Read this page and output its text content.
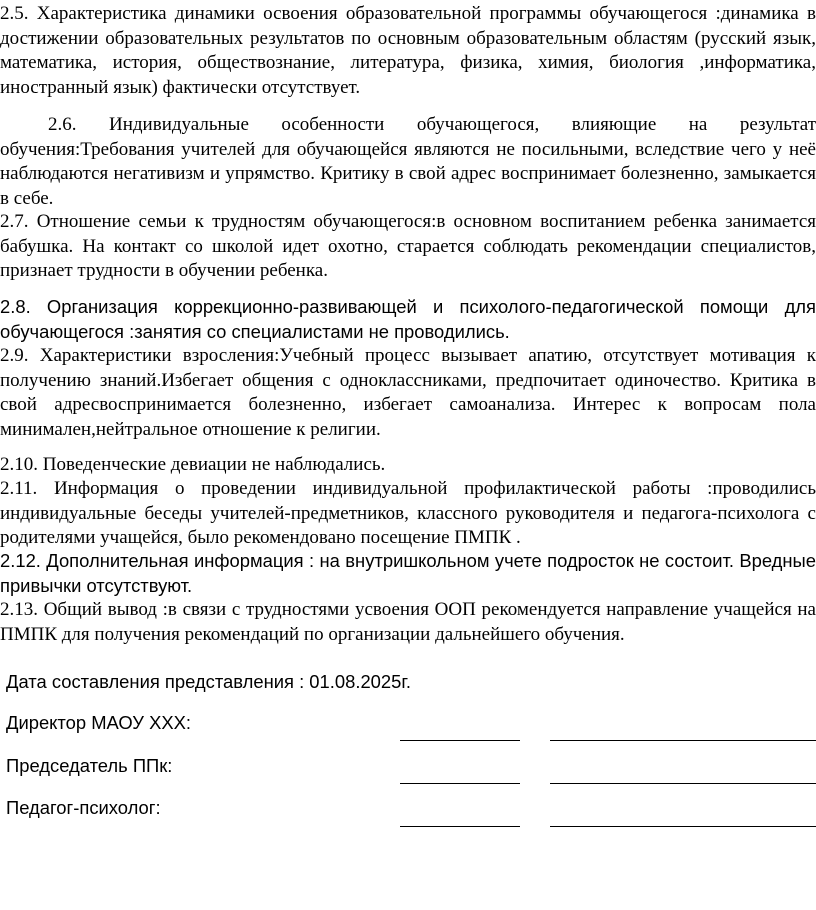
2.5. Характеристика динамики освоения образовательной программы обучающегося :динамика в достижении образовательных результатов по основным образовательным областям (русский язык, математика, история, обществознание, литература, физика, химия, биология ,информатика, иностранный язык) фактически отсутствует.

2.6. Индивидуальные особенности обучающегося, влияющие на результат обучения:Требования учителей для обучающейся являются не посильными, вследствие чего у неё наблюдаются негативизм и упрямство. Критику в свой адрес воспринимает болезненно, замыкается в себе.

2.7. Отношение семьи к трудностям обучающегося:в основном воспитанием ребенка занимается бабушка. На контакт со школой идет охотно, старается соблюдать рекомендации специалистов, признает трудности в обучении ребенка.

2.8. Организация коррекционно-развивающей и психолого-педагогической помощи для обучающегося :занятия со специалистами не проводились.

2.9. Характеристики взросления:Учебный процесс вызывает апатию, отсутствует мотивация к получению знаний.Избегает общения с одноклассниками, предпочитает одиночество. Критика в свой адресвоспринимается болезненно, избегает самоанализа. Интерес к вопросам пола минимален,нейтральное отношение к религии.

2.10. Поведенческие девиации не наблюдались.

2.11. Информация о проведении индивидуальной профилактической работы :проводились индивидуальные беседы учителей-предметников, классного руководителя и педагога-психолога с родителями учащейся, было рекомендовано посещение ПМПК .

2.12. Дополнительная информация : на внутришкольном учете подросток не состоит. Вредные привычки отсутствуют.

2.13. Общий вывод :в связи с трудностями усвоения ООП рекомендуется направление учащейся на ПМПК для получения рекомендаций по организации дальнейшего обучения.

Дата составления представления : 01.08.2025г.

Директор МАОУ ХХХ:

Председатель ППк:

Педагог-психолог:
